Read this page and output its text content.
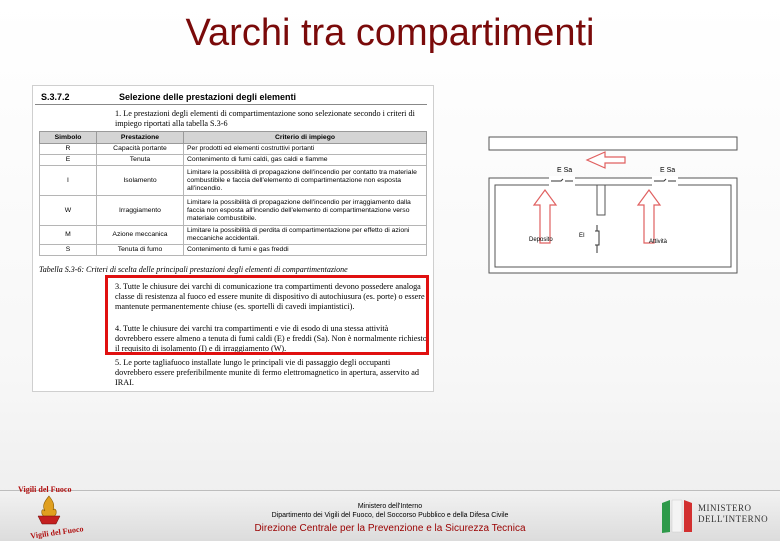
Varchi tra compartimenti
S.3.7.2	Selezione delle prestazioni degli elementi
1. Le prestazioni degli elementi di compartimentazione sono selezionate secondo i criteri di impiego riportati alla tabella S.3-6
Simbolo	Prestazione	Criterio di impiego
R	Capacità portante	Per prodotti ed elementi costruttivi portanti
E	Tenuta	Contenimento di fumi caldi, gas caldi e fiamme
I	Isolamento	Limitare la possibilità di propagazione dell'incendio per contatto tra materiale combustibile e faccia dell'elemento di compartimentazione non esposta all'incendio.
W	Irraggiamento	Limitare la possibilità di propagazione dell'incendio per irraggiamento dalla faccia non esposta all'incendio dell'elemento di compartimentazione verso materiale combustibile.
M	Azione meccanica	Limitare la possibilità di perdita di compartimentazione per effetto di azioni meccaniche accidentali.
S	Tenuta di fumo	Contenimento di fumi e gas freddi
Tabella S.3-6: Criteri di scelta delle principali prestazioni degli elementi di compartimentazione
3. Tutte le chiusure dei varchi di comunicazione tra compartimenti devono possedere analoga classe di resistenza al fuoco ed essere munite di dispositivo di autochiusura (es. porte) o essere mantenute permanentemente chiuse (es. sportelli di cavedi impiantistici).
4. Tutte le chiusure dei varchi tra compartimenti e vie di esodo di una stessa attività dovrebbero essere almeno a tenuta di fumi caldi (E) e freddi (Sa). Non è normalmente richiesto il requisito di isolamento (I) e di irraggiamento (W).
5. Le porte tagliafuoco installate lungo le principali vie di passaggio degli occupanti dovrebbero essere preferibilmente munite di fermo elettromagnetico in apertura, asservito ad IRAI.
E Sa	E Sa
EI
Deposito	Attività
Ministero dell'Interno
Dipartimento dei Vigili del Fuoco, del Soccorso Pubblico e della Difesa Civile
Direzione Centrale per la Prevenzione e la Sicurezza Tecnica
Vigili del Fuoco
Vigili del Fuoco
MINISTERO
DELL'INTERNO
